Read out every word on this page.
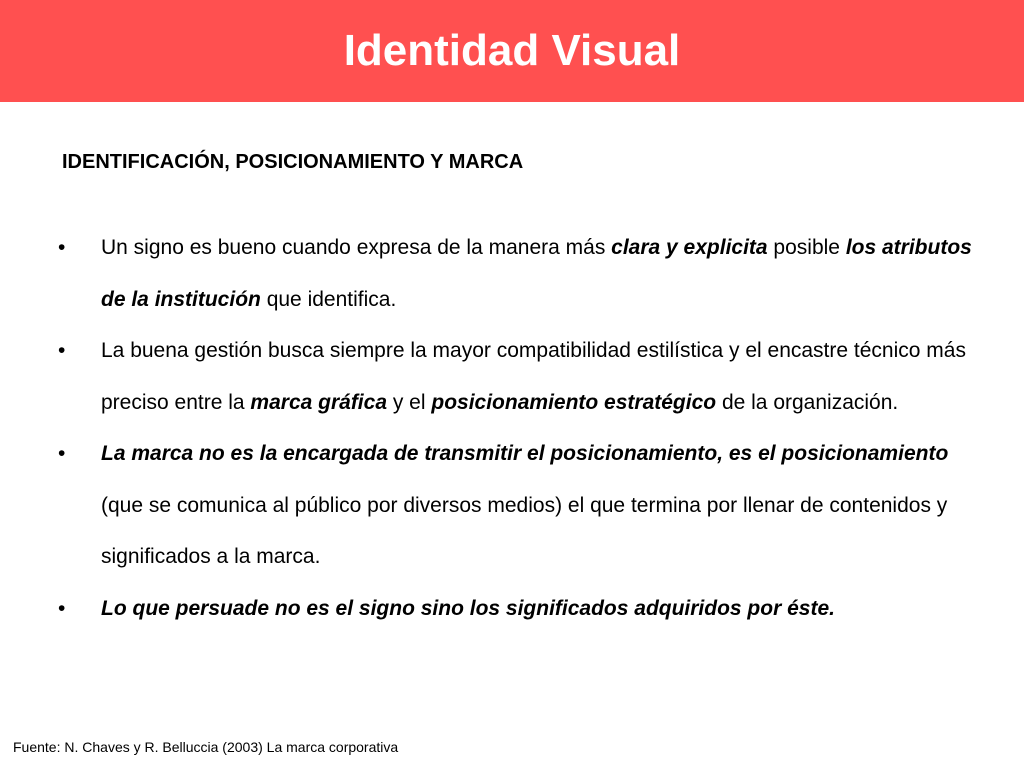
Identidad Visual

IDENTIFICACIÓN, POSICIONAMIENTO Y MARCA

•	Un signo es bueno cuando expresa de la manera más clara y explicita posible los atributos de la institución que identifica.
•	La buena gestión busca siempre la mayor compatibilidad estilística y el encastre técnico más preciso entre la marca gráfica y el posicionamiento estratégico de la organización.
•	La marca no es la encargada de transmitir el posicionamiento, es el posicionamiento (que se comunica al público por diversos medios) el que termina por llenar de contenidos y significados a la marca.
•	Lo que persuade no es el signo sino los significados adquiridos por éste.

Fuente: N. Chaves y R. Belluccia (2003) La marca corporativa
